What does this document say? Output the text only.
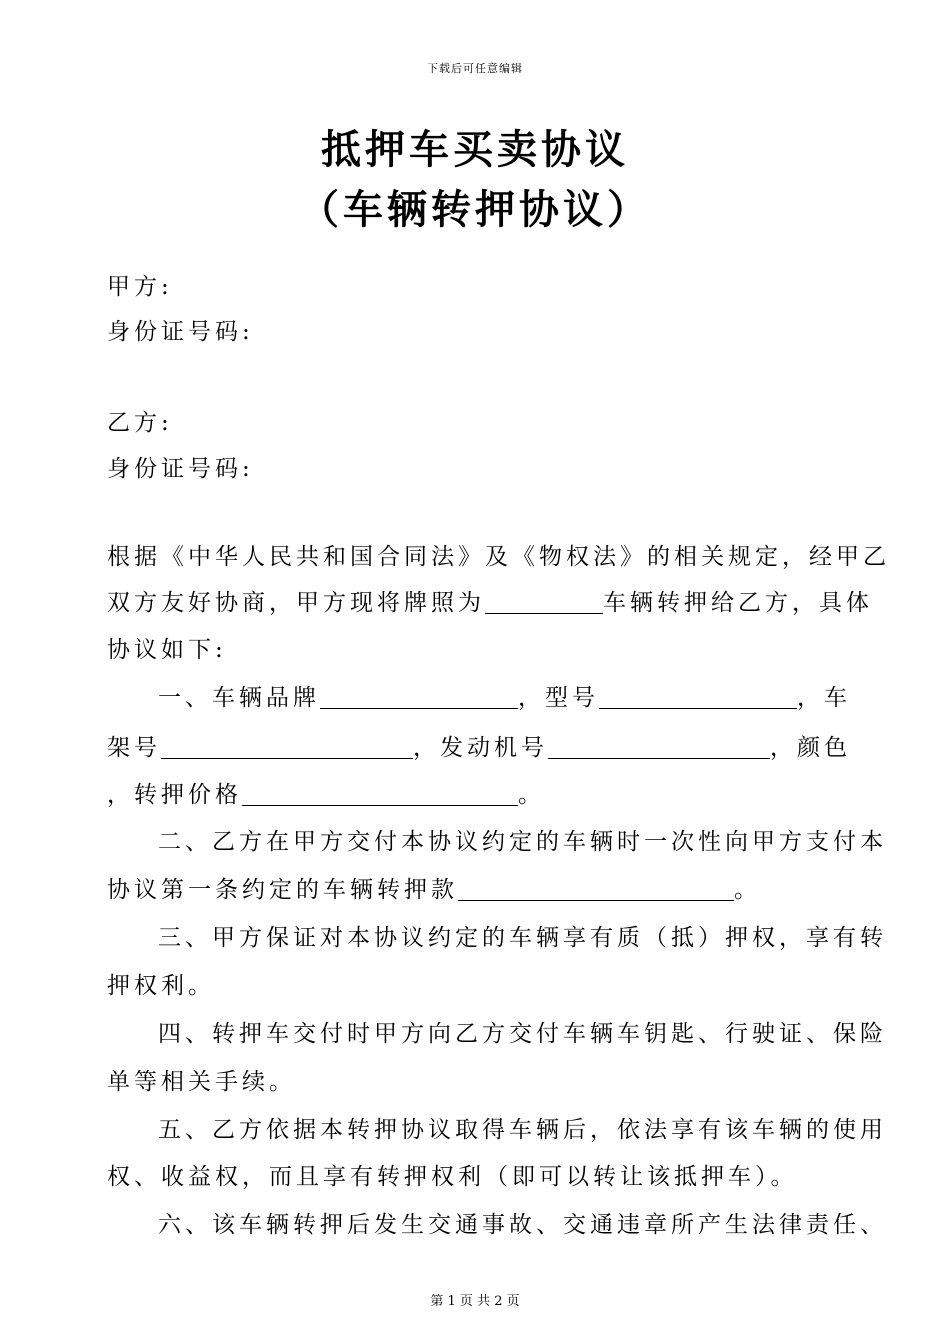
下载后可任意编辑
抵押车买卖协议
（车辆转押协议）
甲方:
身份证号码:
乙方:
身份证号码:
根据《中华人民共和国合同法》及《物权法》的相关规定，经甲乙
双方友好协商，甲方现将牌照为	车辆转押给乙方，具体
协议如下:
一、车辆品牌	，型号	，车
架号	，发动机号	，颜色
，转押价格	。
二、乙方在甲方交付本协议约定的车辆时一次性向甲方支付本
协议第一条约定的车辆转押款	。
三、甲方保证对本协议约定的车辆享有质（抵）押权，享有转
押权利。
四、转押车交付时甲方向乙方交付车辆车钥匙、行驶证、保险
单等相关手续。
五、乙方依据本转押协议取得车辆后，依法享有该车辆的使用
权、收益权，而且享有转押权利（即可以转让该抵押车）。
六、该车辆转押后发生交通事故、交通违章所产生法律责任、
第 1 页 共 2 页
